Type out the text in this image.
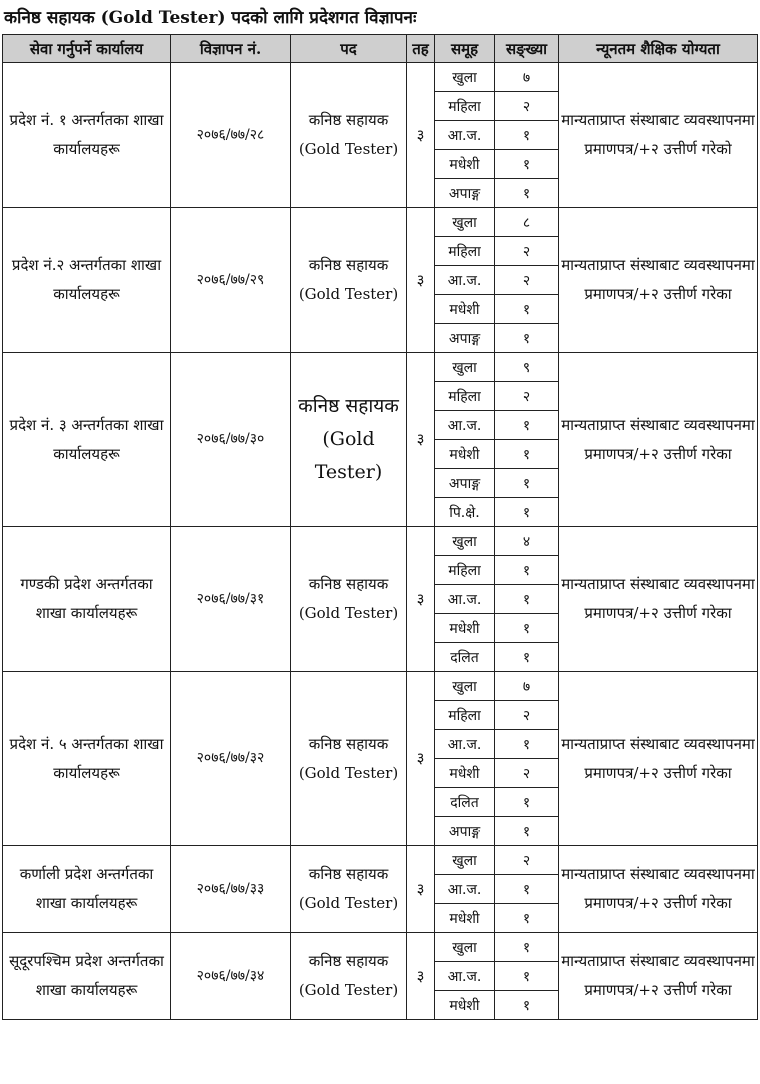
कनिष्ठ सहायक (Gold Tester) पदको लागि प्रदेशगत विज्ञापनः
सेवा गर्नुपर्ने कार्यालय	विज्ञापन नं.	पद	तह	समूह	सङ्ख्या	न्यूनतम शैक्षिक योग्यता
प्रदेश नं. १ अन्तर्गतका शाखा कार्यालयहरू	२०७६/७७/२८	कनिष्ठ सहायक (Gold Tester)	३	खुला	७	मान्यताप्राप्त संस्थाबाट व्यवस्थापनमा प्रमाणपत्र/+२ उत्तीर्ण गरेको
				महिला	२	
				आ.ज.	१	
				मधेशी	१	
				अपाङ्ग	१	
प्रदेश नं.२ अन्तर्गतका शाखा कार्यालयहरू	२०७६/७७/२९	कनिष्ठ सहायक (Gold Tester)	३	खुला	८	मान्यताप्राप्त संस्थाबाट व्यवस्थापनमा प्रमाणपत्र/+२ उत्तीर्ण गरेका
				महिला	२	
				आ.ज.	२	
				मधेशी	१	
				अपाङ्ग	१	
प्रदेश नं. ३ अन्तर्गतका शाखा कार्यालयहरू	२०७६/७७/३०	कनिष्ठ सहायक (Gold Tester)	३	खुला	९	मान्यताप्राप्त संस्थाबाट व्यवस्थापनमा प्रमाणपत्र/+२ उत्तीर्ण गरेका
				महिला	२	
				आ.ज.	१	
				मधेशी	१	
				अपाङ्ग	१	
				पि.क्षे.	१	
गण्डकी प्रदेश अन्तर्गतका शाखा कार्यालयहरू	२०७६/७७/३१	कनिष्ठ सहायक (Gold Tester)	३	खुला	४	मान्यताप्राप्त संस्थाबाट व्यवस्थापनमा प्रमाणपत्र/+२ उत्तीर्ण गरेका
				महिला	१	
				आ.ज.	१	
				मधेशी	१	
				दलित	१	
प्रदेश नं. ५ अन्तर्गतका शाखा कार्यालयहरू	२०७६/७७/३२	कनिष्ठ सहायक (Gold Tester)	३	खुला	७	मान्यताप्राप्त संस्थाबाट व्यवस्थापनमा प्रमाणपत्र/+२ उत्तीर्ण गरेका
				महिला	२	
				आ.ज.	१	
				मधेशी	२	
				दलित	१	
				अपाङ्ग	१	
कर्णाली प्रदेश अन्तर्गतका शाखा कार्यालयहरू	२०७६/७७/३३	कनिष्ठ सहायक (Gold Tester)	३	खुला	२	मान्यताप्राप्त संस्थाबाट व्यवस्थापनमा प्रमाणपत्र/+२ उत्तीर्ण गरेका
				आ.ज.	१	
				मधेशी	१	
सूदूरपश्चिम प्रदेश अन्तर्गतका शाखा कार्यालयहरू	२०७६/७७/३४	कनिष्ठ सहायक (Gold Tester)	३	खुला	१	मान्यताप्राप्त संस्थाबाट व्यवस्थापनमा प्रमाणपत्र/+२ उत्तीर्ण गरेका
				आ.ज.	१	
				मधेशी	१	
